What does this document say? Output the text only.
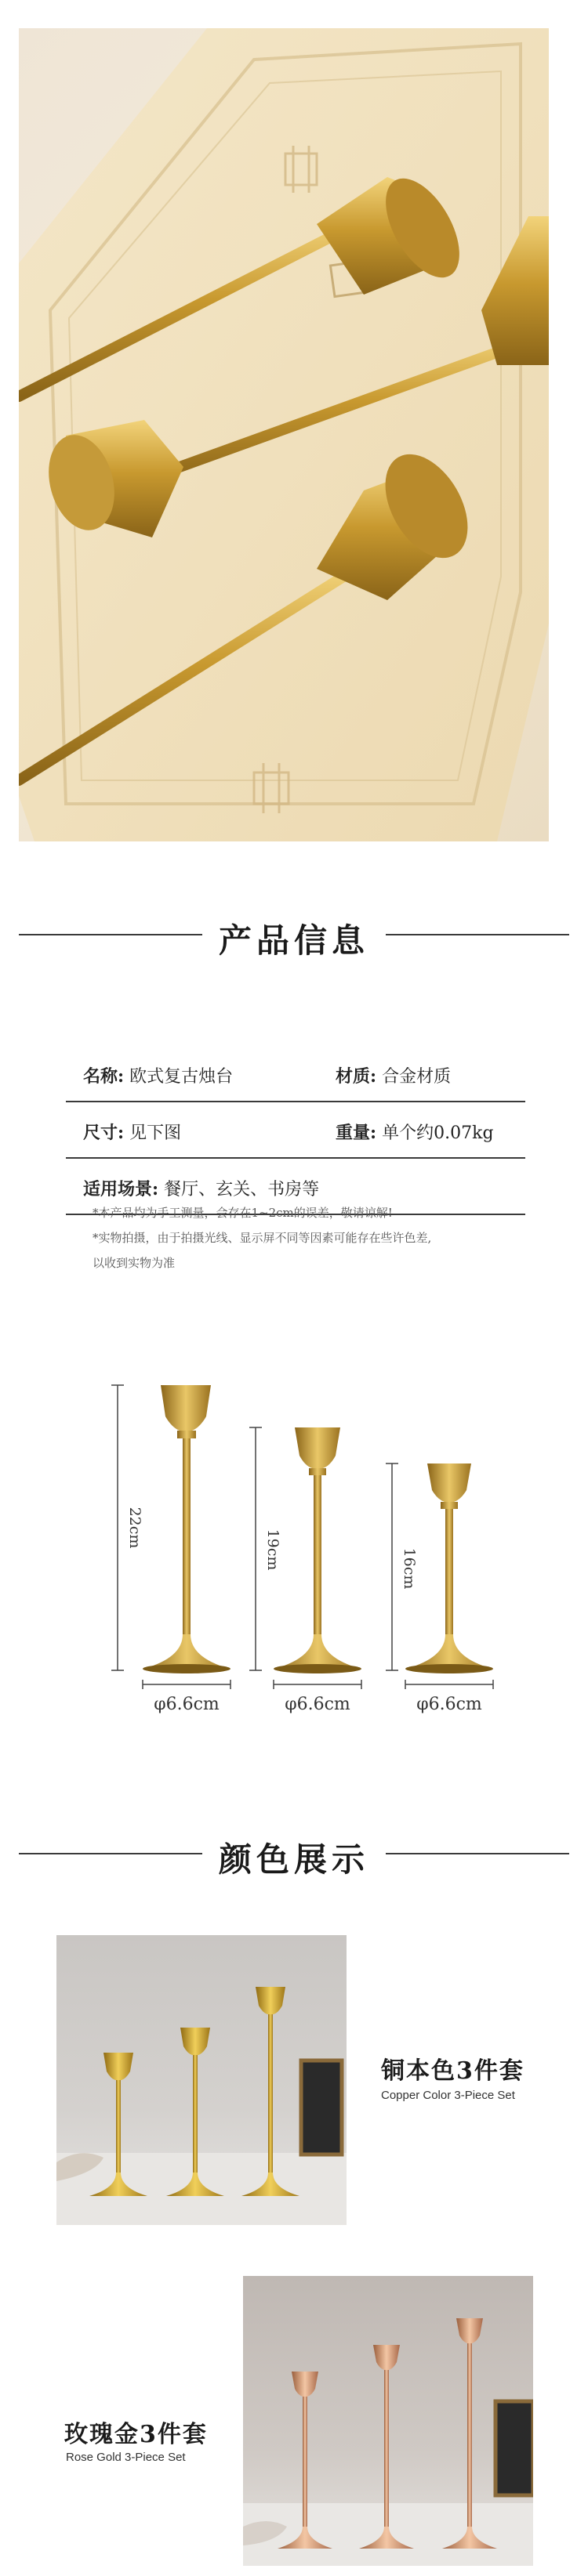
产品信息
名称: 欧式复古烛台	材质: 合金材质
尺寸: 见下图	重量: 单个约0.07kg
适用场景: 餐厅、玄关、书房等
*本产品均为手工测量，会存在1~2cm的误差，敬请谅解!
*实物拍摄，由于拍摄光线、显示屏不同等因素可能存在些许色差,
以收到实物为准
22cm
19cm	16cm
φ6.6cm	φ6.6cm	φ6.6cm
颜色展示
铜本色3件套
Copper Color 3-Piece Set
玫瑰金3件套
Rose Gold 3-Piece Set
